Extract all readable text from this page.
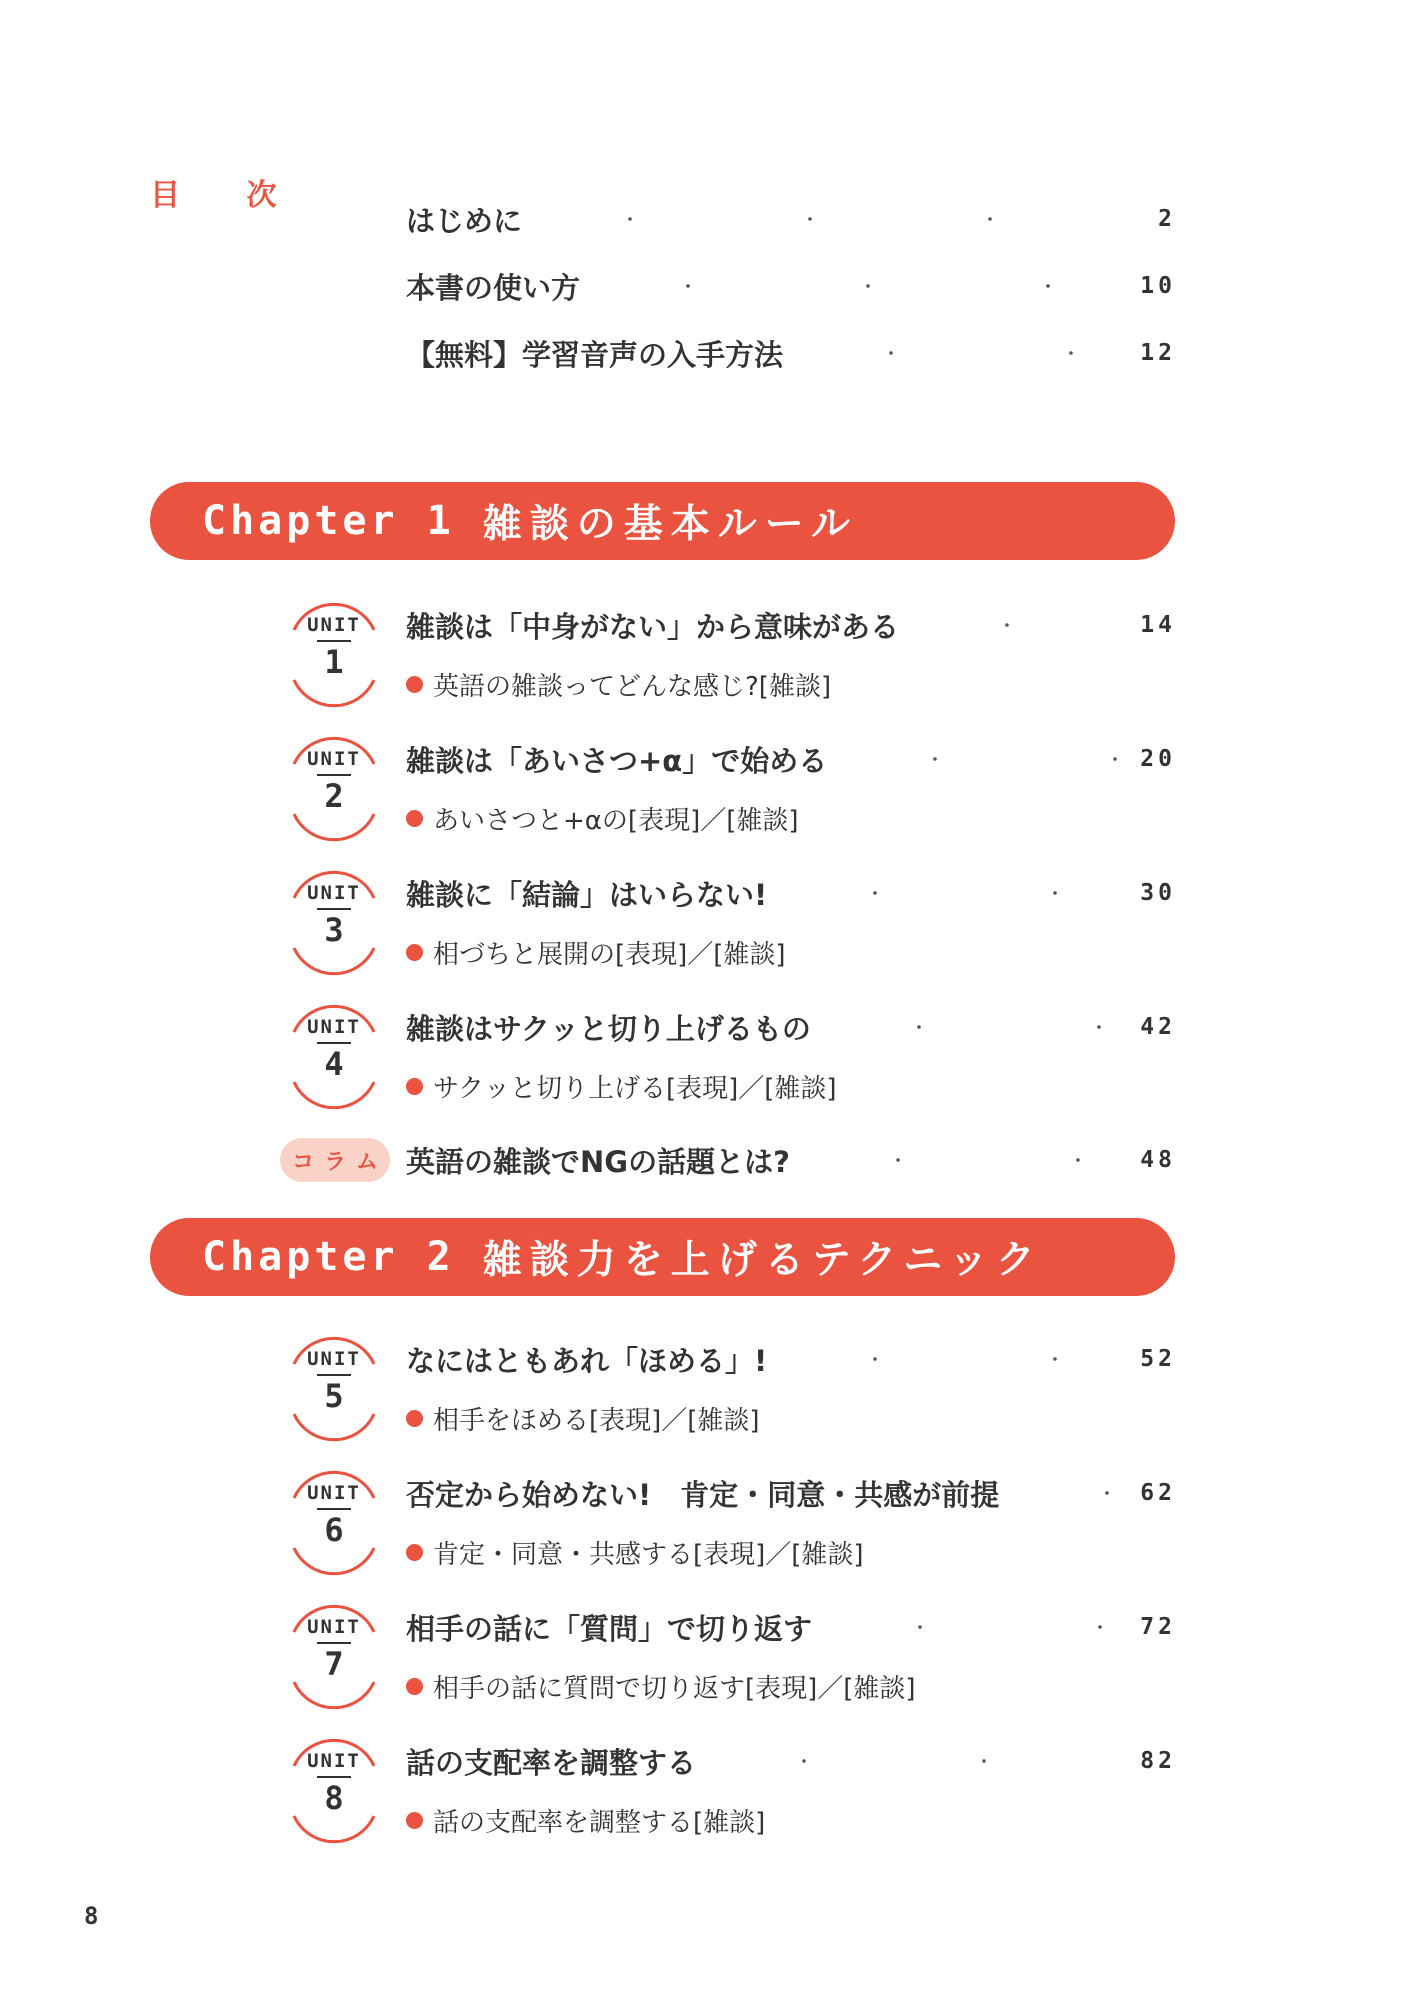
目 次
はじめに	2
本書の使い方	10
【無料】学習音声の入手方法	12
Chapter 1 雑談の基本ルール
UNIT
1
雑談は「中身がない」から意味がある	14
英語の雑談ってどんな感じ?[雑談]
UNIT
2
雑談は「あいさつ+α」で始める	20
あいさつと+αの[表現]／[雑談]
UNIT
3
雑談に「結論」はいらない!	30
相づちと展開の[表現]／[雑談]
UNIT
4
雑談はサクッと切り上げるもの	42
サクッと切り上げる[表現]／[雑談]
コラム 英語の雑談でNGの話題とは?	48
Chapter 2 雑談力を上げるテクニック
UNIT
5
なにはともあれ「ほめる」!	52
相手をほめる[表現]／[雑談]
UNIT
6
否定から始めない!　肯定・同意・共感が前提	62
肯定・同意・共感する[表現]／[雑談]
UNIT
7
相手の話に「質問」で切り返す	72
相手の話に質問で切り返す[表現]／[雑談]
UNIT
8
話の支配率を調整する	82
話の支配率を調整する[雑談]
8
